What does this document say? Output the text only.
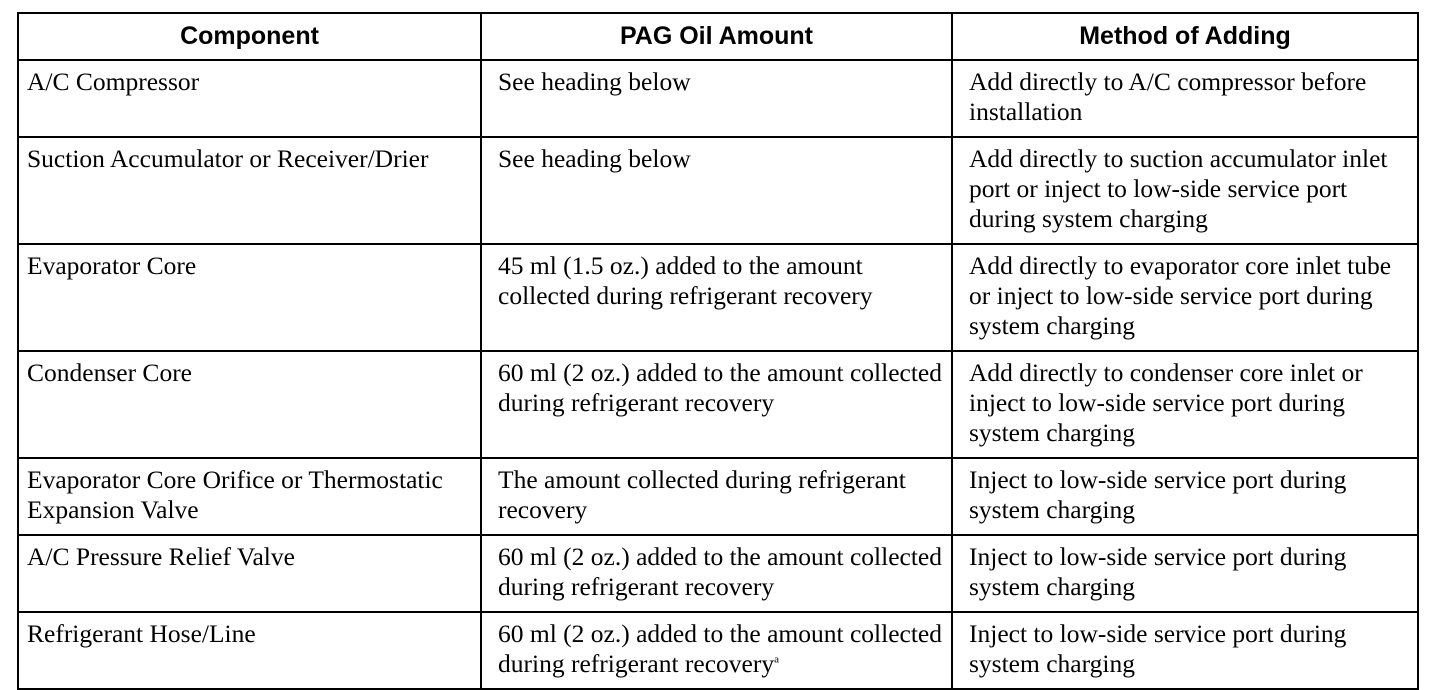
Component	PAG Oil Amount	Method of Adding
A/C Compressor	See heading below	Add directly to A/C compressor before installation
Suction Accumulator or Receiver/Drier	See heading below	Add directly to suction accumulator inlet port or inject to low-side service port during system charging
Evaporator Core	45 ml (1.5 oz.) added to the amount collected during refrigerant recovery	Add directly to evaporator core inlet tube or inject to low-side service port during system charging
Condenser Core	60 ml (2 oz.) added to the amount collected during refrigerant recovery	Add directly to condenser core inlet or inject to low-side service port during system charging
Evaporator Core Orifice or Thermostatic Expansion Valve	The amount collected during refrigerant recovery	Inject to low-side service port during system charging
A/C Pressure Relief Valve	60 ml (2 oz.) added to the amount collected during refrigerant recovery	Inject to low-side service port during system charging
Refrigerant Hose/Line	60 ml (2 oz.) added to the amount collected during refrigerant recovery$^a$	Inject to low-side service port during system charging
